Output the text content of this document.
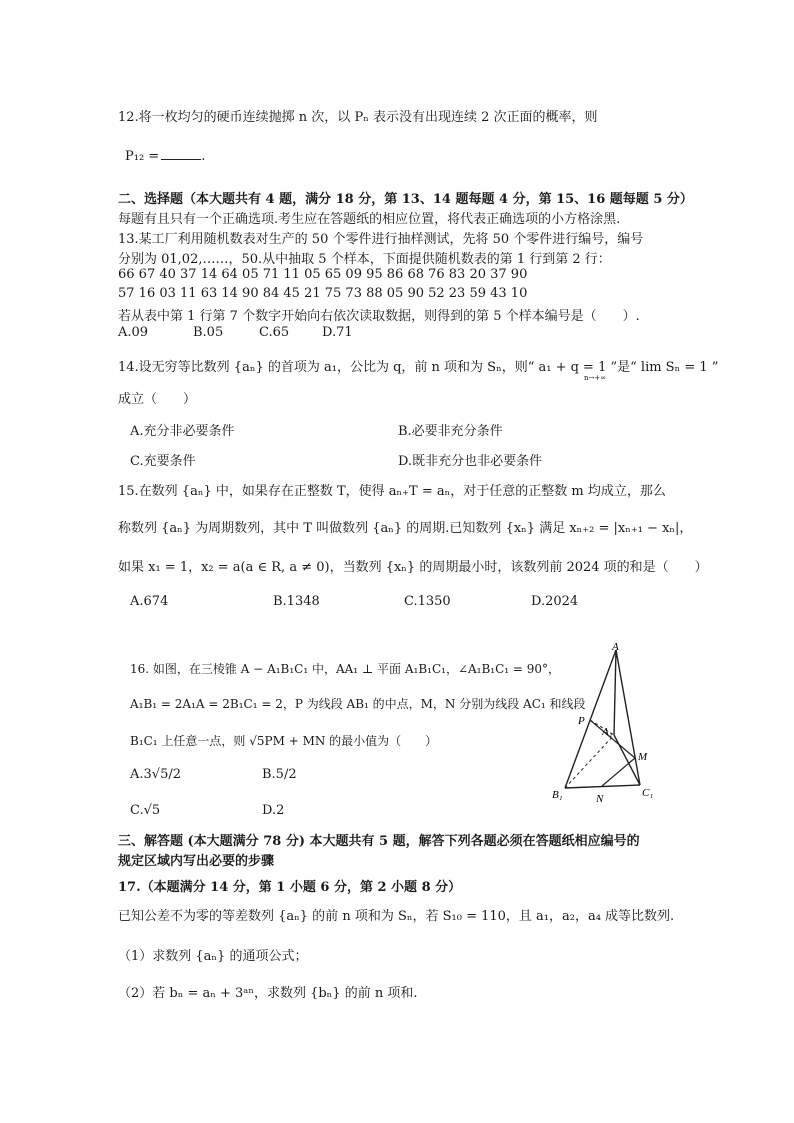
12.将一枚均匀的硬币连续抛掷 n 次，以 Pₙ 表示没有出现连续 2 次正面的概率，则
P₁₂ =	.
二、选择题（本大题共有 4 题，满分 18 分，第 13、14 题每题 4 分，第 15、16 题每题 5 分）
每题有且只有一个正确选项.考生应在答题纸的相应位置，将代表正确选项的小方格涂黑.
13.某工厂利用随机数表对生产的 50 个零件进行抽样测试，先将 50 个零件进行编号，编号
分别为 01,02,……，50.从中抽取 5 个样本，下面提供随机数表的第 1 行到第 2 行：
66 67 40 37 14 64 05 71 11 05 65 09 95 86 68 76 83 20 37 90
57 16 03 11 63 14 90 84 45 21 75 73 88 05 90 52 23 59 43 10
若从表中第 1 行第 7 个数字开始向右依次读取数据，则得到的第 5 个样本编号是（　　）.
A.09	B.05	C.65	D.71
14.设无穷等比数列 {aₙ} 的首项为 a₁，公比为 q，前 n 项和为 Sₙ，则“ a₁ + q = 1 ”是“ lim Sₙ = 1 ”
n→+∞
成立（　　）
A.充分非必要条件	B.必要非充分条件
C.充要条件	D.既非充分也非必要条件
15.在数列 {aₙ} 中，如果存在正整数 T，使得 aₙ₊T = aₙ，对于任意的正整数 m 均成立，那么
称数列 {aₙ} 为周期数列，其中 T 叫做数列 {aₙ} 的周期.已知数列 {xₙ} 满足 xₙ₊₂ = |xₙ₊₁ − xₙ|，
如果 x₁ = 1，x₂ = a(a ∈ R, a ≠ 0)，当数列 {xₙ} 的周期最小时，该数列前 2024 项的和是（　　）
A.674	B.1348	C.1350	D.2024
16. 如图，在三棱锥 A − A₁B₁C₁ 中，AA₁ ⊥ 平面 A₁B₁C₁，∠A₁B₁C₁ = 90°，
A₁B₁ = 2A₁A = 2B₁C₁ = 2，P 为线段 AB₁ 的中点，M，N 分别为线段 AC₁ 和线段
B₁C₁ 上任意一点，则 √5PM + MN 的最小值为（　　）
A.3√5/2	B.5/2
C.√5	D.2
A
P
A₁
M
B₁	N	C₁
三、解答题 (本大题满分 78 分) 本大题共有 5 题，解答下列各题必须在答题纸相应编号的
规定区域内写出必要的步骤
17.（本题满分 14 分，第 1 小题 6 分，第 2 小题 8 分）
已知公差不为零的等差数列 {aₙ} 的前 n 项和为 Sₙ，若 S₁₀ = 110，且 a₁，a₂，a₄ 成等比数列.
（1）求数列 {aₙ} 的通项公式；
（2）若 bₙ = aₙ + 3ᵃⁿ，求数列 {bₙ} 的前 n 项和.
